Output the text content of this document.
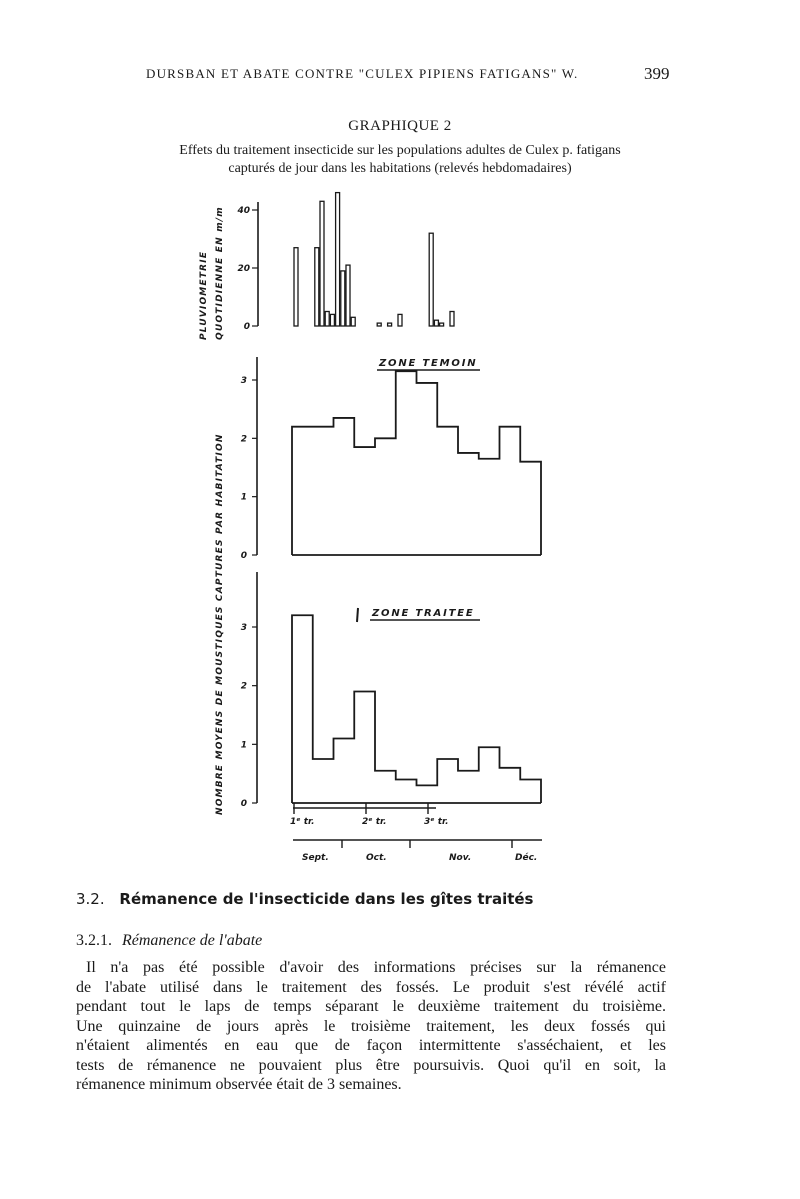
DURSBAN ET ABATE CONTRE "CULEX PIPIENS FATIGANS" W.	399
GRAPHIQUE 2
Effets du traitement insecticide sur les populations adultes de Culex p. fatigans
capturés de jour dans les habitations (relevés hebdomadaires)
0
20
40
PLUVIOMETRIE QUOTIDIENNE EN m/m
0
1
2
3
ZONE TEMOIN
0
1
2
3
ZONE TRAITEE
NOMBRE MOYENS DE MOUSTIQUES CAPTURES PAR HABITATION
1ᵉ tr.	2ᵉ tr.	3ᵉ tr.
Sept.	Oct.	Nov.	Déc.
3.2. Rémanence de l'insecticide dans les gîtes traités
3.2.1. Rémanence de l'abate
Il n'a pas été possible d'avoir des informations précises sur la rémanence
de l'abate utilisé dans le traitement des fossés. Le produit s'est révélé actif
pendant tout le laps de temps séparant le deuxième traitement du troisième.
Une quinzaine de jours après le troisième traitement, les deux fossés qui
n'étaient alimentés en eau que de façon intermittente s'asséchaient, et les
tests de rémanence ne pouvaient plus être poursuivis. Quoi qu'il en soit, la
rémanence minimum observée était de 3 semaines.
